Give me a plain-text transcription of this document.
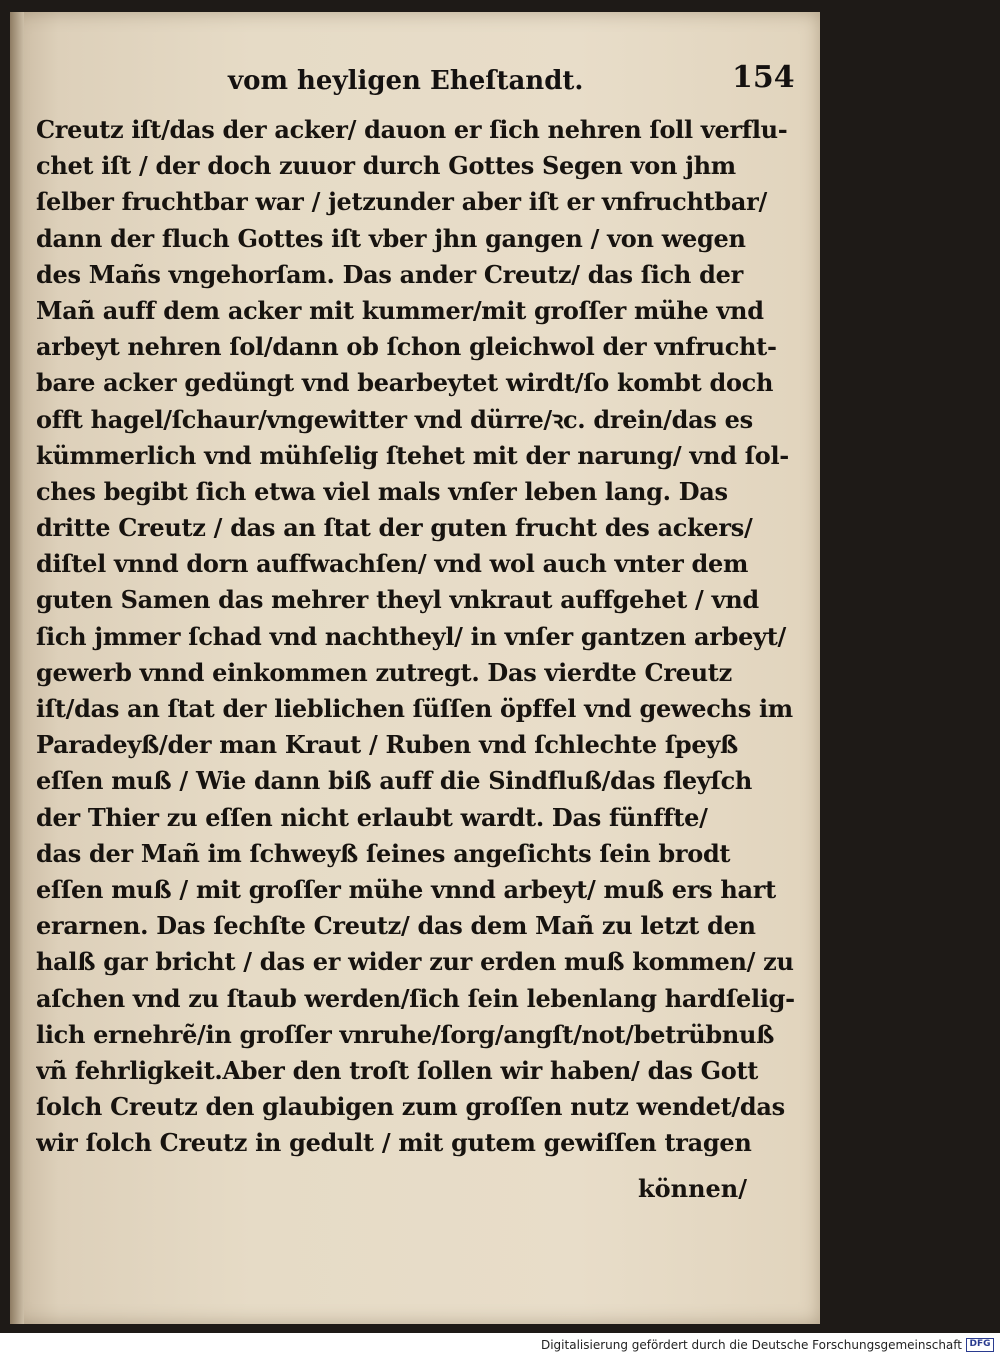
vom heyligen Eheſtandt.	154
Creutz iſt/das der acker/ dauon er ſich nehren ſoll verflu-
chet iſt / der doch zuuor durch Gottes Segen von jhm
ſelber fruchtbar war / jetzunder aber iſt er vnfruchtbar/
dann der fluch Gottes iſt vber jhn gangen / von wegen
des Mañs vngehorſam. Das ander Creutz/ das ſich der
Mañ auff dem acker mit kummer/mit groſſer mühe vnd
arbeyt nehren ſol/dann ob ſchon gleichwol der vnfrucht-
bare acker gedüngt vnd bearbeytet wirdt/ſo kombt doch
offt hagel/ſchaur/vngewitter vnd dürre/ꝛc. drein/das es
kümmerlich vnd mühſelig ſtehet mit der narung/ vnd ſol-
ches begibt ſich etwa viel mals vnſer leben lang. Das
dritte Creutz / das an ſtat der guten frucht des ackers/
diſtel vnnd dorn auffwachſen/ vnd wol auch vnter dem
guten Samen das mehrer theyl vnkraut auffgehet / vnd
ſich jmmer ſchad vnd nachtheyl/ in vnſer gantzen arbeyt/
gewerb vnnd einkommen zutregt. Das vierdte Creutz
iſt/das an ſtat der lieblichen ſüſſen öpffel vnd gewechs im
Paradeyß/der man Kraut / Ruben vnd ſchlechte ſpeyß
eſſen muß / Wie dann biß auff die Sindfluß/das fleyſch
der Thier zu eſſen nicht erlaubt wardt. Das fünffte/
das der Mañ im ſchweyß ſeines angeſichts ſein brodt
eſſen muß / mit groſſer mühe vnnd arbeyt/ muß ers hart
erarnen. Das ſechſte Creutz/ das dem Mañ zu letzt den
halß gar bricht / das er wider zur erden muß kommen/ zu
aſchen vnd zu ſtaub werden/ſich ſein lebenlang hardſelig-
lich ernehrẽ/in groſſer vnruhe/ſorg/angſt/not/betrübnuß
vñ fehrligkeit.Aber den troſt ſollen wir haben/ das Gott
ſolch Creutz den glaubigen zum groſſen nutz wendet/das
wir ſolch Creutz in gedult / mit gutem gewiſſen tragen
können/
Digitalisierung gefördert durch die Deutsche Forschungsgemeinschaft DFG
